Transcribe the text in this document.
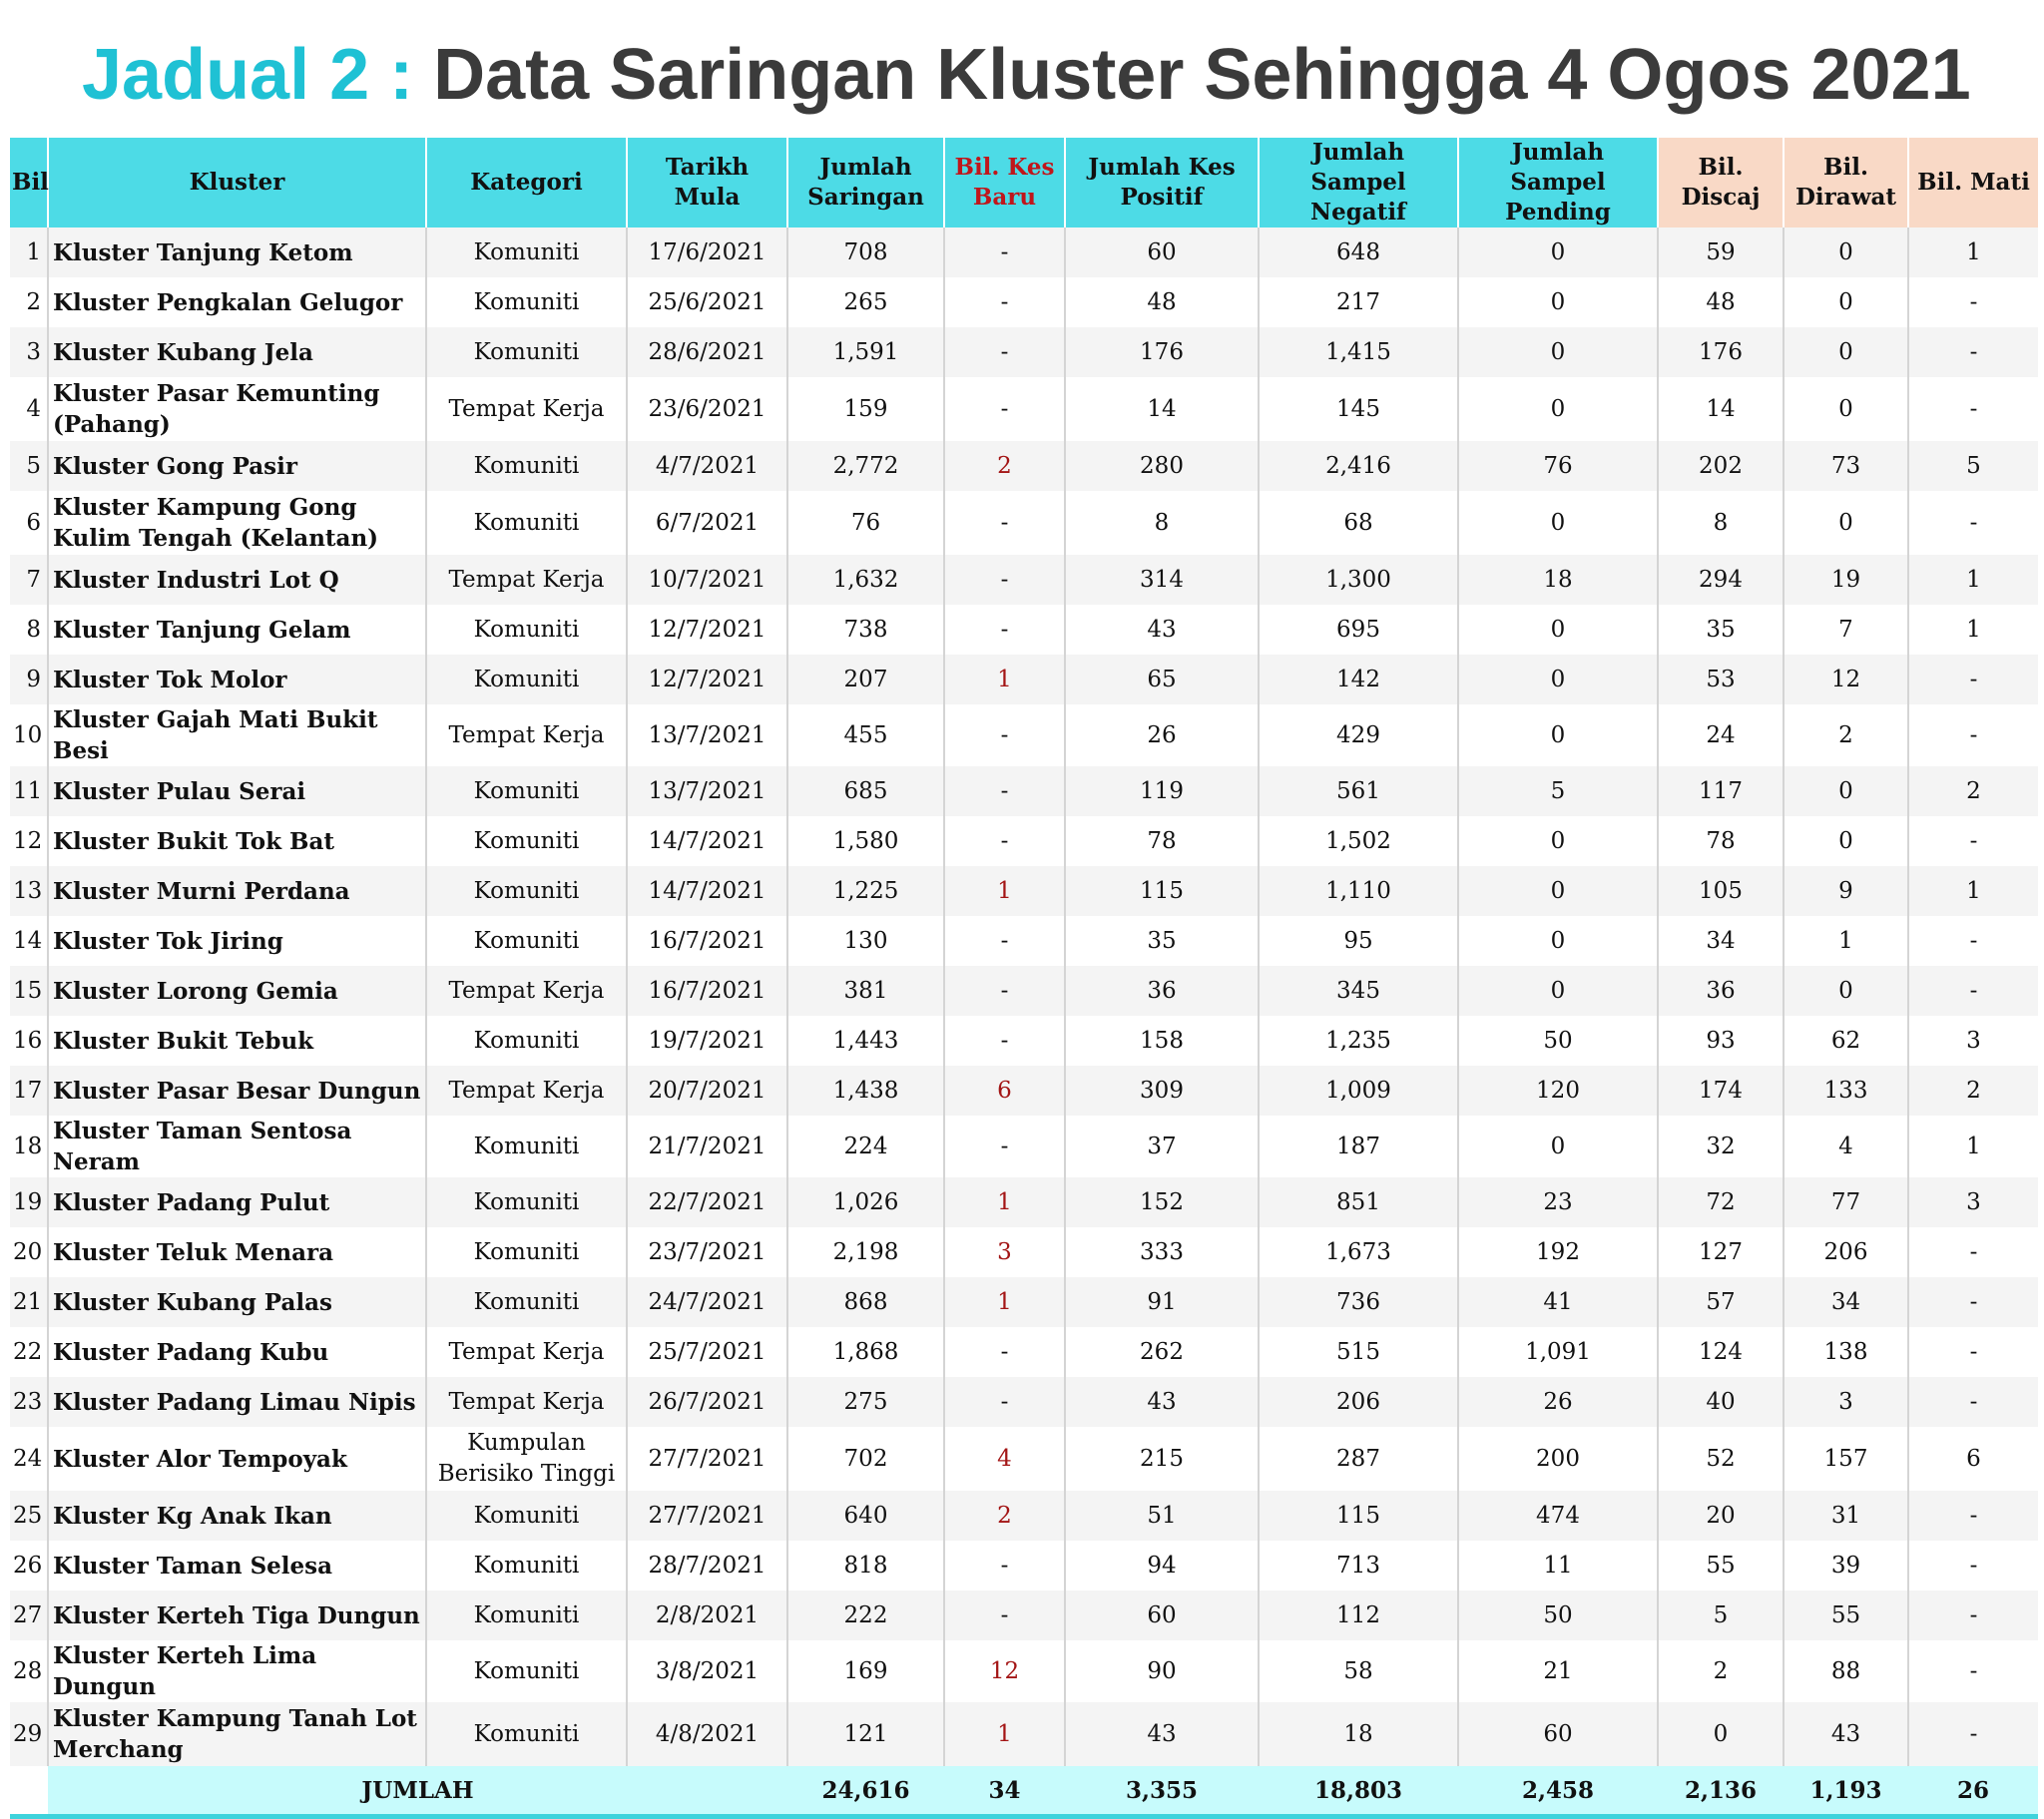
Jadual 2 : Data Saringan Kluster Sehingga 4 Ogos 2021
Bil	Kluster	Kategori	Tarikh Mula	Jumlah Saringan	Bil. Kes Baru	Jumlah Kes Positif	Jumlah Sampel Negatif	Jumlah Sampel Pending	Bil. Discaj	Bil. Dirawat	Bil. Mati
1	Kluster Tanjung Ketom	Komuniti	17/6/2021	708	-	60	648	0	59	0	1
2	Kluster Pengkalan Gelugor	Komuniti	25/6/2021	265	-	48	217	0	48	0	-
3	Kluster Kubang Jela	Komuniti	28/6/2021	1,591	-	176	1,415	0	176	0	-
4	Kluster Pasar Kemunting (Pahang)	Tempat Kerja	23/6/2021	159	-	14	145	0	14	0	-
5	Kluster Gong Pasir	Komuniti	4/7/2021	2,772	2	280	2,416	76	202	73	5
6	Kluster Kampung Gong Kulim Tengah (Kelantan)	Komuniti	6/7/2021	76	-	8	68	0	8	0	-
7	Kluster Industri Lot Q	Tempat Kerja	10/7/2021	1,632	-	314	1,300	18	294	19	1
8	Kluster Tanjung Gelam	Komuniti	12/7/2021	738	-	43	695	0	35	7	1
9	Kluster Tok Molor	Komuniti	12/7/2021	207	1	65	142	0	53	12	-
10	Kluster Gajah Mati Bukit Besi	Tempat Kerja	13/7/2021	455	-	26	429	0	24	2	-
11	Kluster Pulau Serai	Komuniti	13/7/2021	685	-	119	561	5	117	0	2
12	Kluster Bukit Tok Bat	Komuniti	14/7/2021	1,580	-	78	1,502	0	78	0	-
13	Kluster Murni Perdana	Komuniti	14/7/2021	1,225	1	115	1,110	0	105	9	1
14	Kluster Tok Jiring	Komuniti	16/7/2021	130	-	35	95	0	34	1	-
15	Kluster Lorong Gemia	Tempat Kerja	16/7/2021	381	-	36	345	0	36	0	-
16	Kluster Bukit Tebuk	Komuniti	19/7/2021	1,443	-	158	1,235	50	93	62	3
17	Kluster Pasar Besar Dungun	Tempat Kerja	20/7/2021	1,438	6	309	1,009	120	174	133	2
18	Kluster Taman Sentosa Neram	Komuniti	21/7/2021	224	-	37	187	0	32	4	1
19	Kluster Padang Pulut	Komuniti	22/7/2021	1,026	1	152	851	23	72	77	3
20	Kluster Teluk Menara	Komuniti	23/7/2021	2,198	3	333	1,673	192	127	206	-
21	Kluster Kubang Palas	Komuniti	24/7/2021	868	1	91	736	41	57	34	-
22	Kluster Padang Kubu	Tempat Kerja	25/7/2021	1,868	-	262	515	1,091	124	138	-
23	Kluster Padang Limau Nipis	Tempat Kerja	26/7/2021	275	-	43	206	26	40	3	-
24	Kluster Alor Tempoyak	Kumpulan Berisiko Tinggi	27/7/2021	702	4	215	287	200	52	157	6
25	Kluster Kg Anak Ikan	Komuniti	27/7/2021	640	2	51	115	474	20	31	-
26	Kluster Taman Selesa	Komuniti	28/7/2021	818	-	94	713	11	55	39	-
27	Kluster Kerteh Tiga Dungun	Komuniti	2/8/2021	222	-	60	112	50	5	55	-
28	Kluster Kerteh Lima Dungun	Komuniti	3/8/2021	169	12	90	58	21	2	88	-
29	Kluster Kampung Tanah Lot Merchang	Komuniti	4/8/2021	121	1	43	18	60	0	43	-
	JUMLAH			24,616	34	3,355	18,803	2,458	2,136	1,193	26
